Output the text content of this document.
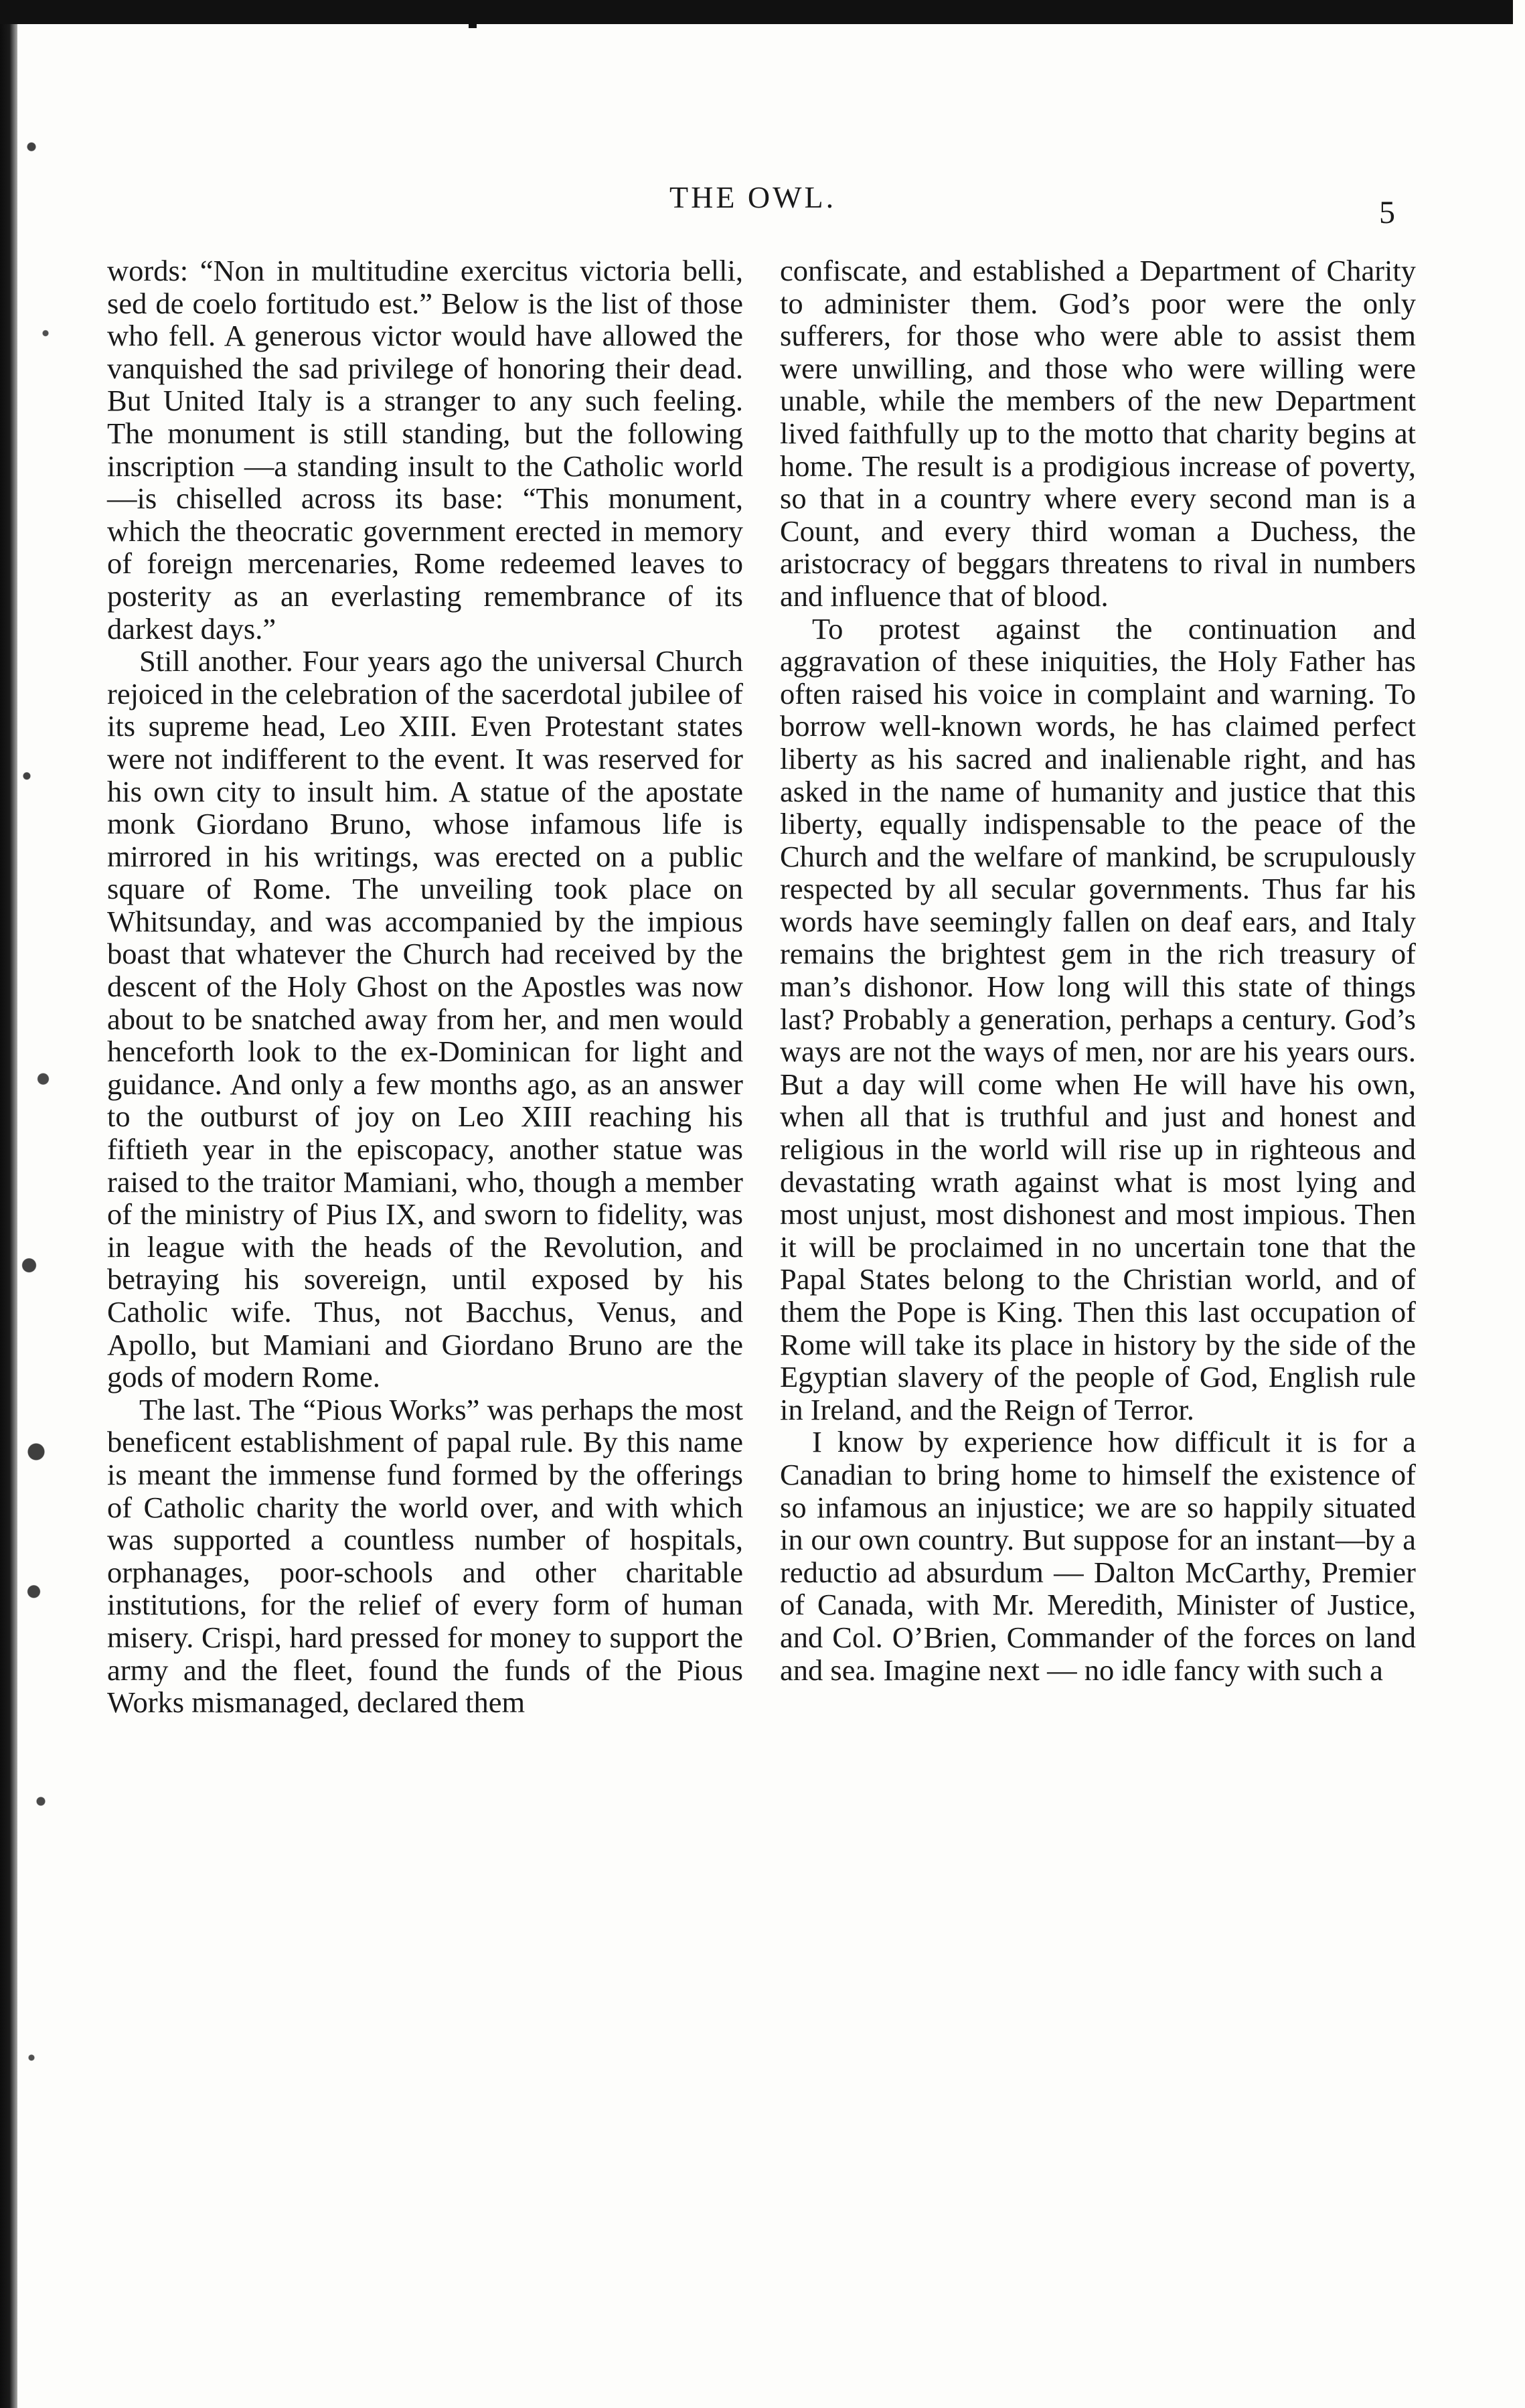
THE OWL.	5

words: “Non in multitudine exercitus victoria belli, sed de coelo fortitudo est.” Below is the list of those who fell. A generous victor would have allowed the vanquished the sad privilege of honoring their dead. But United Italy is a stranger to any such feeling. The monument is still standing, but the following inscription —a standing insult to the Catholic world—is chiselled across its base: “This monument, which the theocratic government erected in memory of foreign mercenaries, Rome redeemed leaves to posterity as an everlasting remembrance of its darkest days.”

Still another. Four years ago the universal Church rejoiced in the celebration of the sacerdotal jubilee of its supreme head, Leo XIII. Even Protestant states were not indifferent to the event. It was reserved for his own city to insult him. A statue of the apostate monk Giordano Bruno, whose infamous life is mirrored in his writings, was erected on a public square of Rome. The unveiling took place on Whitsunday, and was accompanied by the impious boast that whatever the Church had received by the descent of the Holy Ghost on the Apostles was now about to be snatched away from her, and men would henceforth look to the ex-Dominican for light and guidance. And only a few months ago, as an answer to the outburst of joy on Leo XIII reaching his fiftieth year in the episcopacy, another statue was raised to the traitor Mamiani, who, though a member of the ministry of Pius IX, and sworn to fidelity, was in league with the heads of the Revolution, and betraying his sovereign, until exposed by his Catholic wife. Thus, not Bacchus, Venus, and Apollo, but Mamiani and Giordano Bruno are the gods of modern Rome.

The last. The “Pious Works” was perhaps the most beneficent establishment of papal rule. By this name is meant the immense fund formed by the offerings of Catholic charity the world over, and with which was supported a countless number of hospitals, orphanages, poor-schools and other charitable institutions, for the relief of every form of human misery. Crispi, hard pressed for money to support the army and the fleet, found the funds of the Pious Works mismanaged, declared them

confiscate, and established a Department of Charity to administer them. God’s poor were the only sufferers, for those who were able to assist them were unwilling, and those who were willing were unable, while the members of the new Department lived faithfully up to the motto that charity begins at home. The result is a prodigious increase of poverty, so that in a country where every second man is a Count, and every third woman a Duchess, the aristocracy of beggars threatens to rival in numbers and influence that of blood.

To protest against the continuation and aggravation of these iniquities, the Holy Father has often raised his voice in complaint and warning. To borrow well-known words, he has claimed perfect liberty as his sacred and inalienable right, and has asked in the name of humanity and justice that this liberty, equally indispensable to the peace of the Church and the welfare of mankind, be scrupulously respected by all secular governments. Thus far his words have seemingly fallen on deaf ears, and Italy remains the brightest gem in the rich treasury of man’s dishonor. How long will this state of things last? Probably a generation, perhaps a century. God’s ways are not the ways of men, nor are his years ours. But a day will come when He will have his own, when all that is truthful and just and honest and religious in the world will rise up in righteous and devastating wrath against what is most lying and most unjust, most dishonest and most impious. Then it will be proclaimed in no uncertain tone that the Papal States belong to the Christian world, and of them the Pope is King. Then this last occupation of Rome will take its place in history by the side of the Egyptian slavery of the people of God, English rule in Ireland, and the Reign of Terror.

I know by experience how difficult it is for a Canadian to bring home to himself the existence of so infamous an injustice; we are so happily situated in our own country. But suppose for an instant—by a reductio ad absurdum — Dalton McCarthy, Premier of Canada, with Mr. Meredith, Minister of Justice, and Col. O’Brien, Commander of the forces on land and sea. Imagine next — no idle fancy with such a
